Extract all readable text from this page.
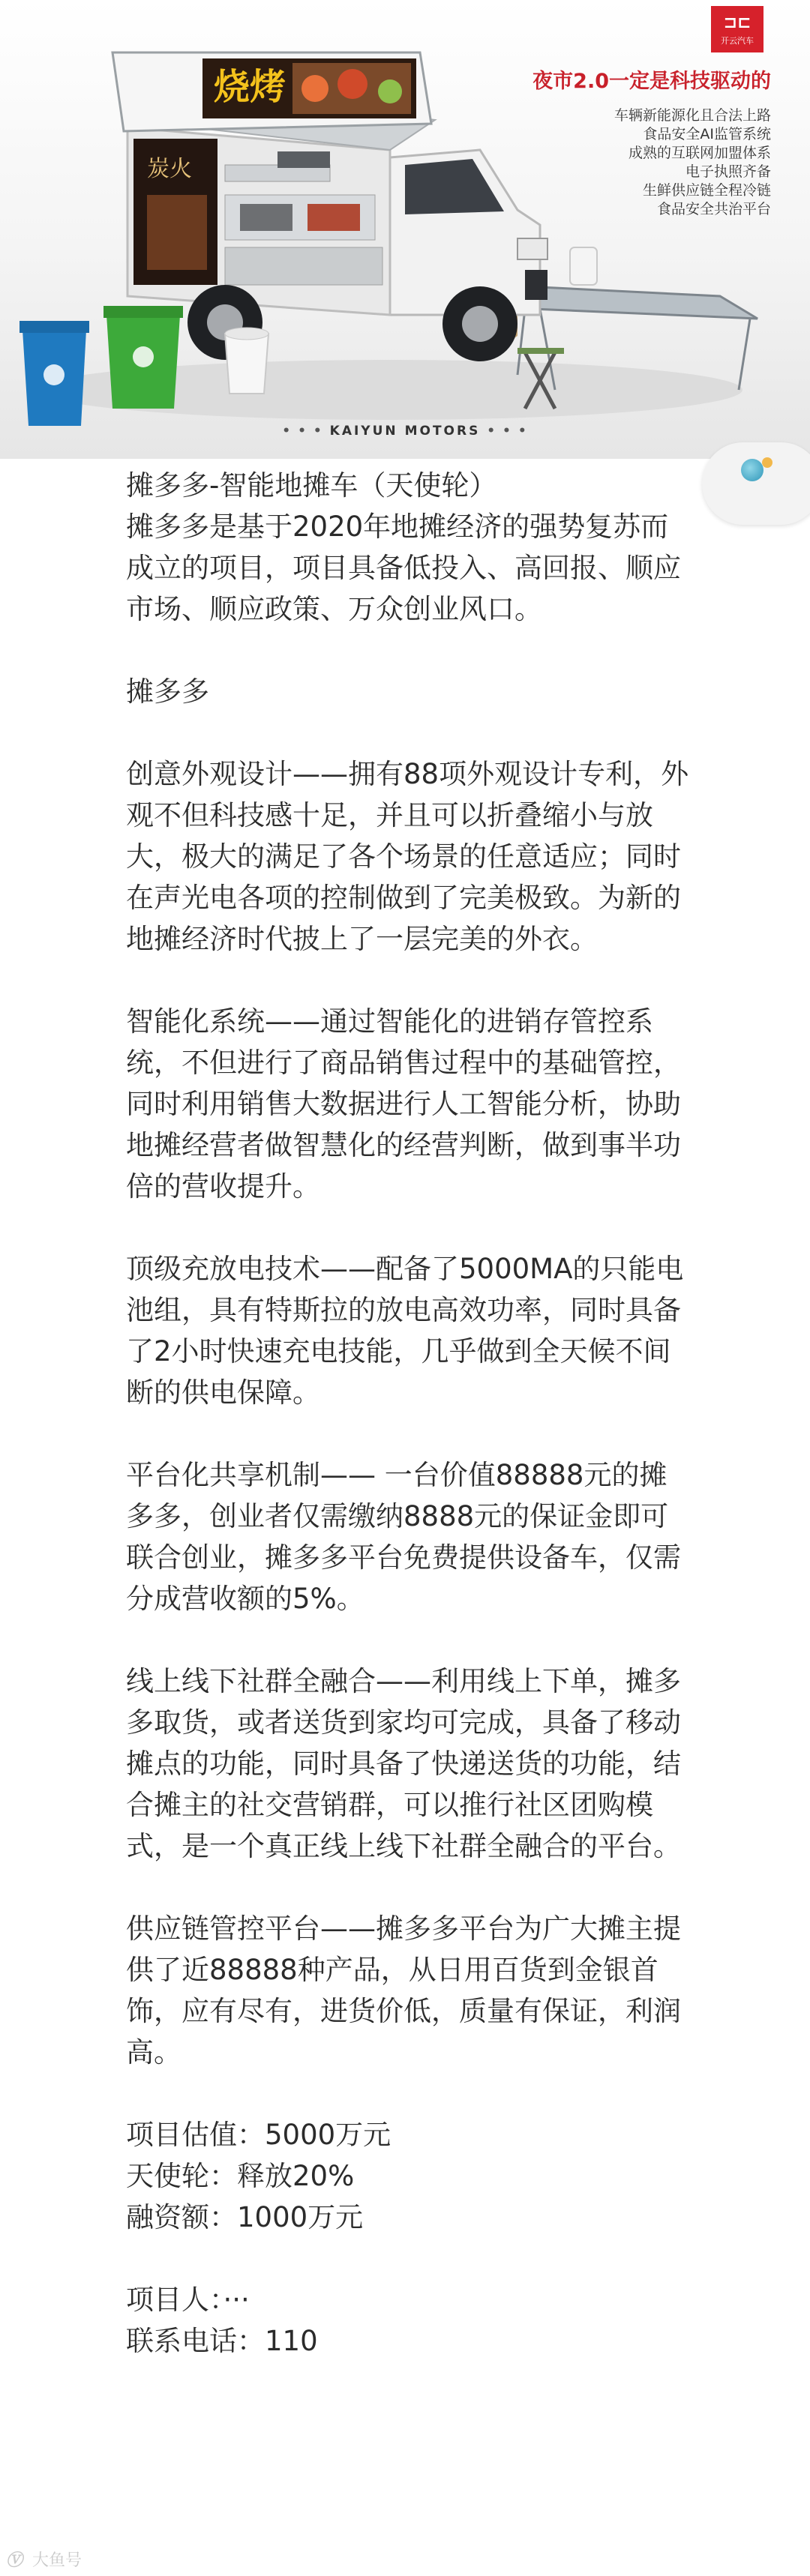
烧烤
炭火
⊐⊏
开云汽车
夜市2.0一定是科技驱动的
车辆新能源化且合法上路
食品安全AI监管系统
成熟的互联网加盟体系
电子执照齐备
生鲜供应链全程冷链
食品安全共治平台
• • • KAIYUN MOTORS • • •

摊多多-智能地摊车（天使轮）

摊多多是基于2020年地摊经济的强势复苏而

成立的项目，项目具备低投入、高回报、顺应

市场、顺应政策、万众创业风口。

摊多多

创意外观设计——拥有88项外观设计专利，外

观不但科技感十足，并且可以折叠缩小与放

大，极大的满足了各个场景的任意适应；同时

在声光电各项的控制做到了完美极致。为新的

地摊经济时代披上了一层完美的外衣。

智能化系统——通过智能化的进销存管控系

统，不但进行了商品销售过程中的基础管控，

同时利用销售大数据进行人工智能分析，协助

地摊经营者做智慧化的经营判断，做到事半功

倍的营收提升。

顶级充放电技术——配备了5000MA的只能电

池组，具有特斯拉的放电高效功率，同时具备

了2小时快速充电技能，几乎做到全天候不间

断的供电保障。

平台化共享机制—— 一台价值88888元的摊

多多，创业者仅需缴纳8888元的保证金即可

联合创业，摊多多平台免费提供设备车，仅需

分成营收额的5%。

线上线下社群全融合——利用线上下单，摊多

多取货，或者送货到家均可完成，具备了移动

摊点的功能，同时具备了快递送货的功能，结

合摊主的社交营销群，可以推行社区团购模

式，是一个真正线上线下社群全融合的平台。

供应链管控平台——摊多多平台为广大摊主提

供了近88888种产品，从日用百货到金银首

饰，应有尽有，进货价低，质量有保证，利润

高。

项目估值：5000万元

天使轮：释放20%

融资额：1000万元

项目人：···

联系电话：110

Ⓥ 大鱼号
